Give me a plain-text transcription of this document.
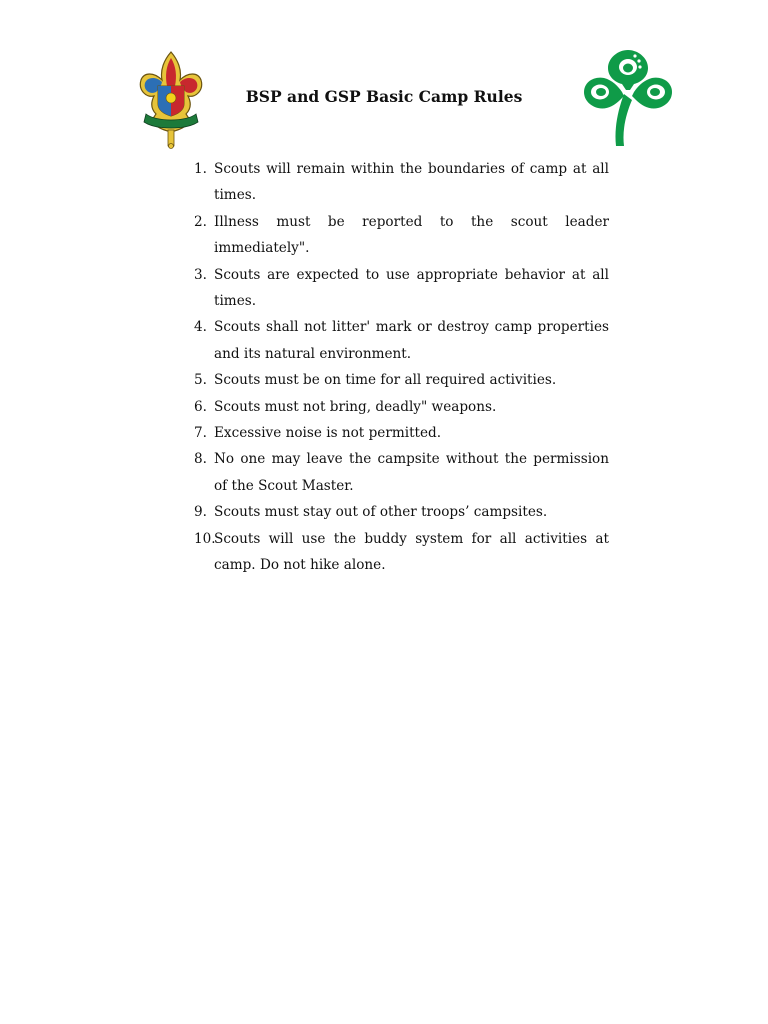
BSP and GSP Basic Camp Rules
1. Scouts will remain within the boundaries of camp at all times.
2. Illness must be reported to the scout leader immediately".
3. Scouts are expected to use appropriate behavior at all times.
4. Scouts shall not litter' mark or destroy camp properties and its natural environment.
5. Scouts must be on time for all required activities.
6. Scouts must not bring, deadly" weapons.
7. Excessive noise is not permitted.
8. No one may leave the campsite without the permission of the Scout Master.
9. Scouts must stay out of other troops’ campsites.
10.
Scouts will use the buddy system for all activities at camp. Do not hike alone.
